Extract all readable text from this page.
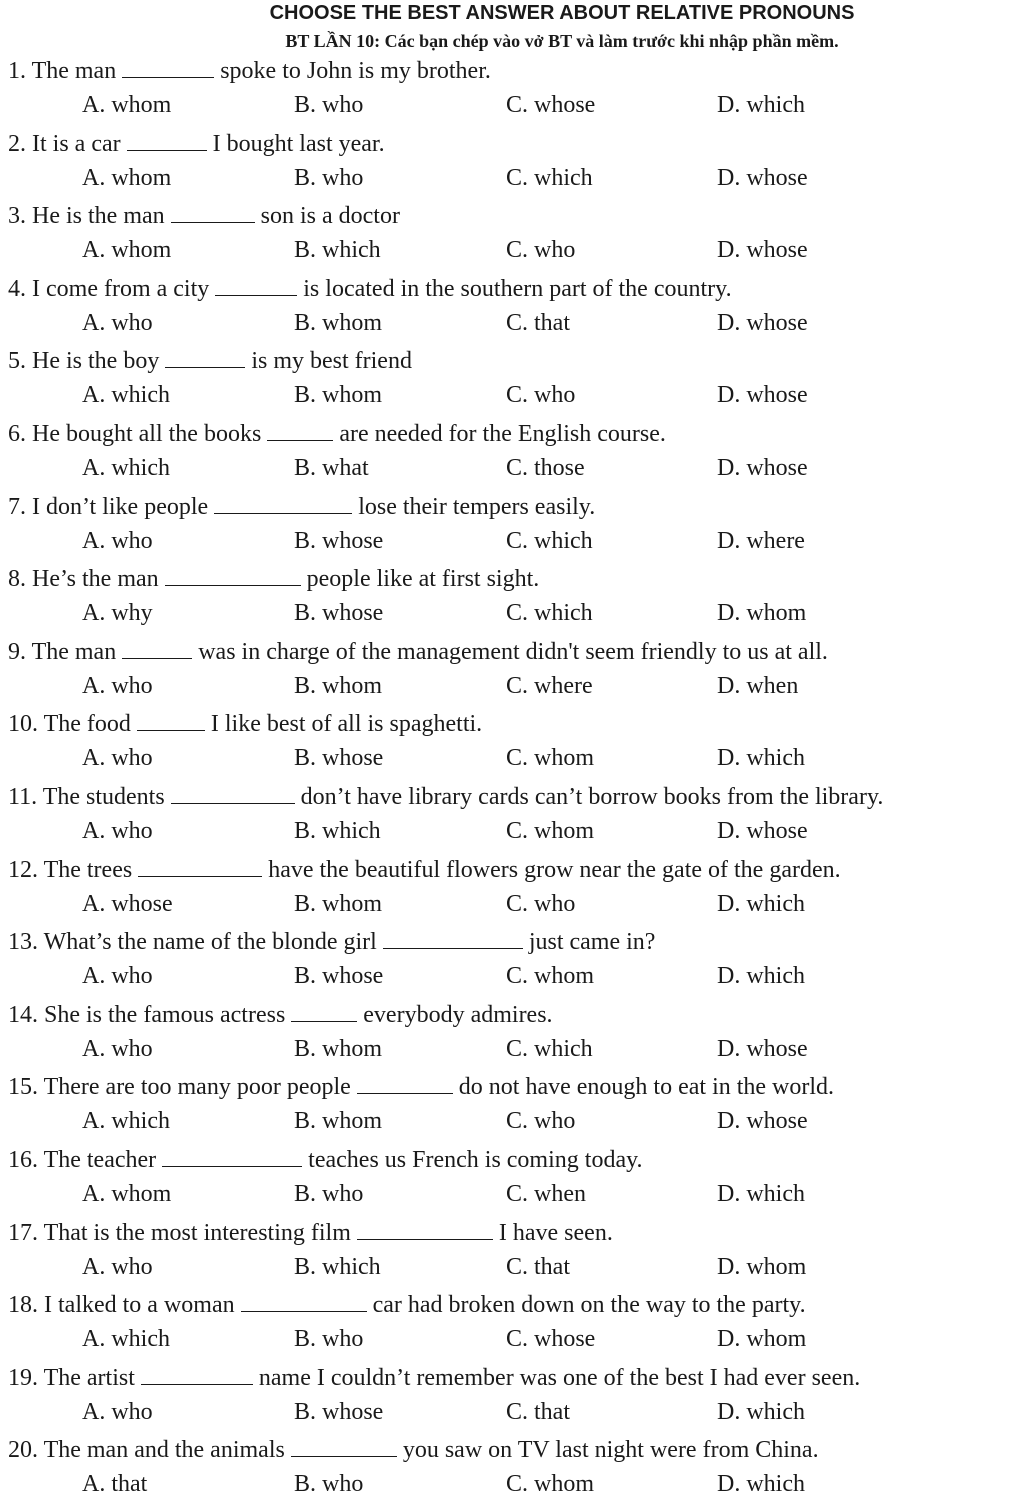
CHOOSE THE BEST ANSWER ABOUT RELATIVE PRONOUNS
BT LẦN 10: Các bạn chép vào vở BT và làm trước khi nhập phần mềm.
1. The man	spoke to John is my brother.
A. whom	B. who	C. whose	D. which
2. It is a car	I bought last year.
A. whom	B. who	C. which	D. whose
3. He is the man	son is a doctor
A. whom	B. which	C. who	D. whose
4. I come from a city	is located in the southern part of the country.
A. who	B. whom	C. that	D. whose
5. He is the boy	is my best friend
A. which	B. whom	C. who	D. whose
6. He bought all the books	are needed for the English course.
A. which	B. what	C. those	D. whose
7. I don’t like people	lose their tempers easily.
A. who	B. whose	C. which	D. where
8. He’s the man	people like at first sight.
A. why	B. whose	C. which	D. whom
9. The man	was in charge of the management didn't seem friendly to us at all.
A. who	B. whom	C. where	D. when
10. The food	I like best of all is spaghetti.
A. who	B. whose	C. whom	D. which
11. The students	don’t have library cards can’t borrow books from the library.
A. who	B. which	C. whom	D. whose
12. The trees	have the beautiful flowers grow near the gate of the garden.
A. whose	B. whom	C. who	D. which
13. What’s the name of the blonde girl	just came in?
A. who	B. whose	C. whom	D. which
14. She is the famous actress	everybody admires.
A. who	B. whom	C. which	D. whose
15. There are too many poor people	do not have enough to eat in the world.
A. which	B. whom	C. who	D. whose
16. The teacher	teaches us French is coming today.
A. whom	B. who	C. when	D. which
17. That is the most interesting film	I have seen.
A. who	B. which	C. that	D. whom
18. I talked to a woman	car had broken down on the way to the party.
A. which	B. who	C. whose	D. whom
19. The artist	name I couldn’t remember was one of the best I had ever seen.
A. who	B. whose	C. that	D. which
20. The man and the animals	you saw on TV last night were from China.
A. that	B. who	C. whom	D. which
